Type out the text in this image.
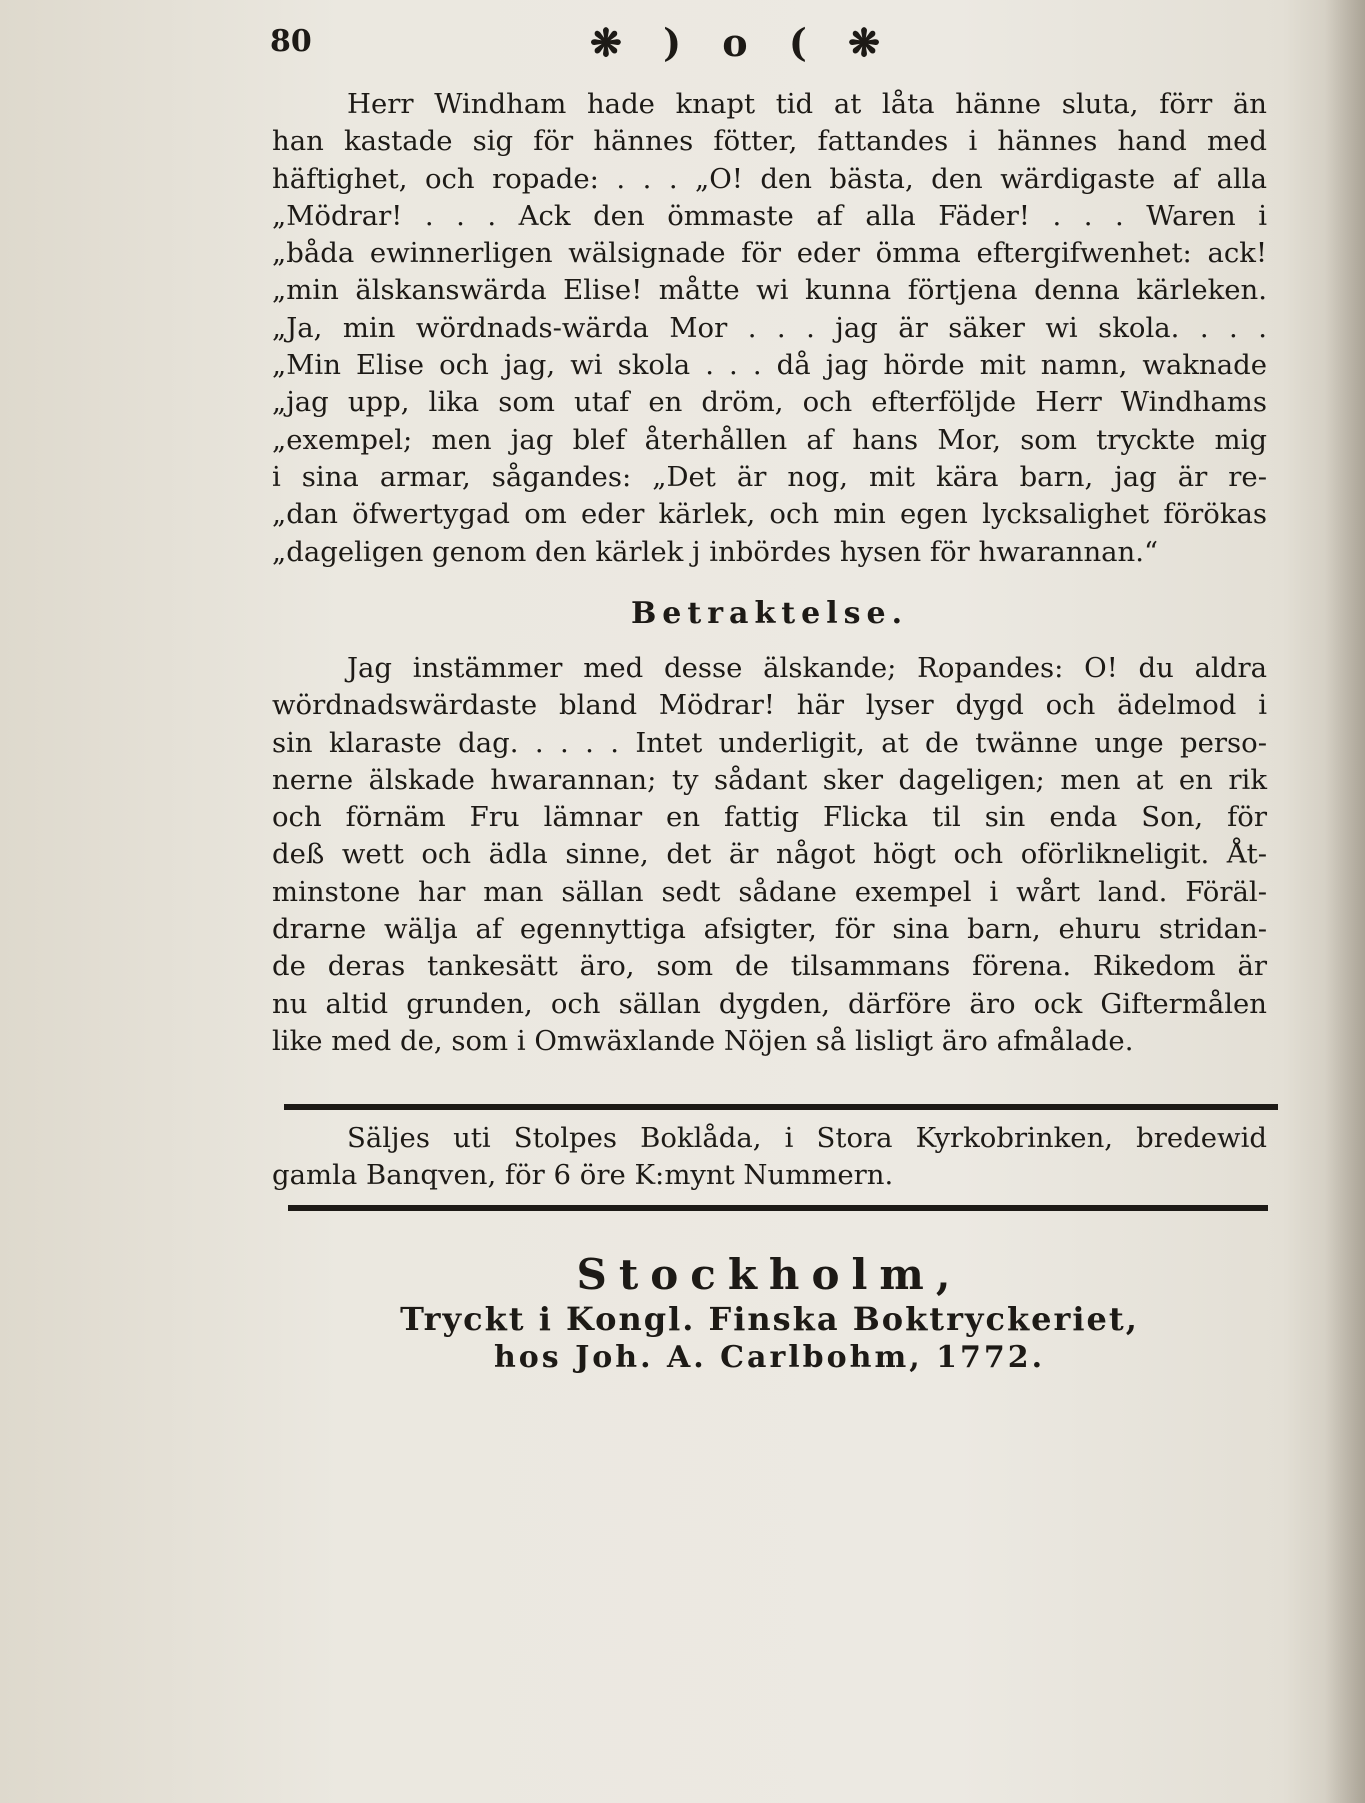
80	❋ ) o ( ❋

Herr Windham hade knapt tid at låta hänne sluta, förr än

han kastade sig för hännes fötter, fattandes i hännes hand med

häftighet, och ropade: . . . „O! den bästa, den wärdigaste af alla

„Mödrar! . . . Ack den ömmaste af alla Fäder! . . . Waren i

„båda ewinnerligen wälsignade för eder ömma eftergifwenhet: ack!

„min älskanswärda Elise! måtte wi kunna förtjena denna kärleken.

„Ja, min wördnads-wärda Mor . . . jag är säker wi skola. . . .

„Min Elise och jag, wi skola . . . då jag hörde mit namn, waknade

„jag upp, lika som utaf en dröm, och efterföljde Herr Windhams

„exempel; men jag blef återhållen af hans Mor, som tryckte mig

i sina armar, sågandes: „Det är nog, mit kära barn, jag är re-

„dan öfwertygad om eder kärlek, och min egen lycksalighet förökas

„dageligen genom den kärlek j inbördes hysen för hwarannan.“

Betraktelse.

Jag instämmer med desse älskande; Ropandes: O! du aldra

wördnadswärdaste bland Mödrar! här lyser dygd och ädelmod i

sin klaraste dag. . . . . Intet underligit, at de twänne unge perso-

nerne älskade hwarannan; ty sådant sker dageligen; men at en rik

och förnäm Fru lämnar en fattig Flicka til sin enda Son, för

deß wett och ädla sinne, det är något högt och oförlikneligit. Åt-

minstone har man sällan sedt sådane exempel i wårt land. Föräl-

drarne wälja af egennyttiga afsigter, för sina barn, ehuru stridan-

de deras tankesätt äro, som de tilsammans förena. Rikedom är

nu altid grunden, och sällan dygden, därföre äro ock Giftermålen

like med de, som i Omwäxlande Nöjen så lisligt äro afmålade.

Säljes uti Stolpes Boklåda, i Stora Kyrkobrinken, bredewid

gamla Banqven, för 6 öre K:mynt Nummern.

Stockholm,
Tryckt i Kongl. Finska Boktryckeriet,
hos Joh. A. Carlbohm, 1772.
